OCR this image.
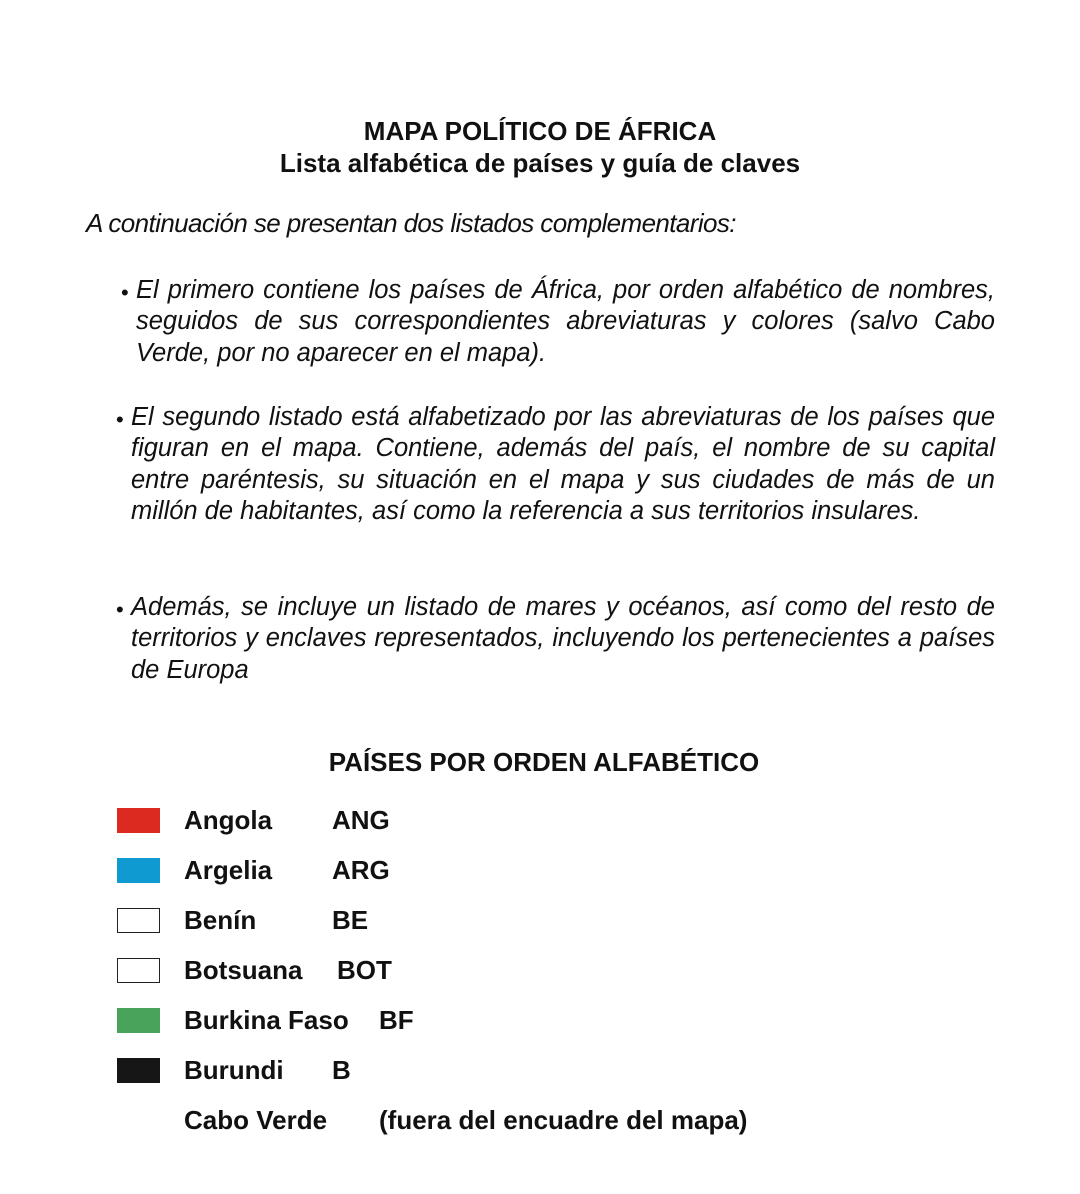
MAPA POLÍTICO DE ÁFRICA
Lista alfabética de países y guía de claves
A continuación se presentan dos listados complementarios:
• El primero contiene los países de África, por orden alfabético de nombres, seguidos de sus correspondientes abreviaturas y colores (salvo Cabo Verde, por no aparecer en el mapa).
• El segundo listado está alfabetizado por las abreviaturas de los países que figuran en el mapa. Contiene, además del país, el nombre de su capital entre paréntesis, su situación en el mapa y sus ciudades de más de un millón de habitantes, así como la referencia a sus territorios insulares.
• Además, se incluye un listado de mares y océanos, así como del resto de territorios y enclaves representados, incluyendo los pertenecientes a países de Europa
PAÍSES POR ORDEN ALFABÉTICO
Angola ANG
Argelia ARG
Benín	BE
Botsuana BOT
Burkina Faso BF
Burundi B
Cabo Verde (fuera del encuadre del mapa)
